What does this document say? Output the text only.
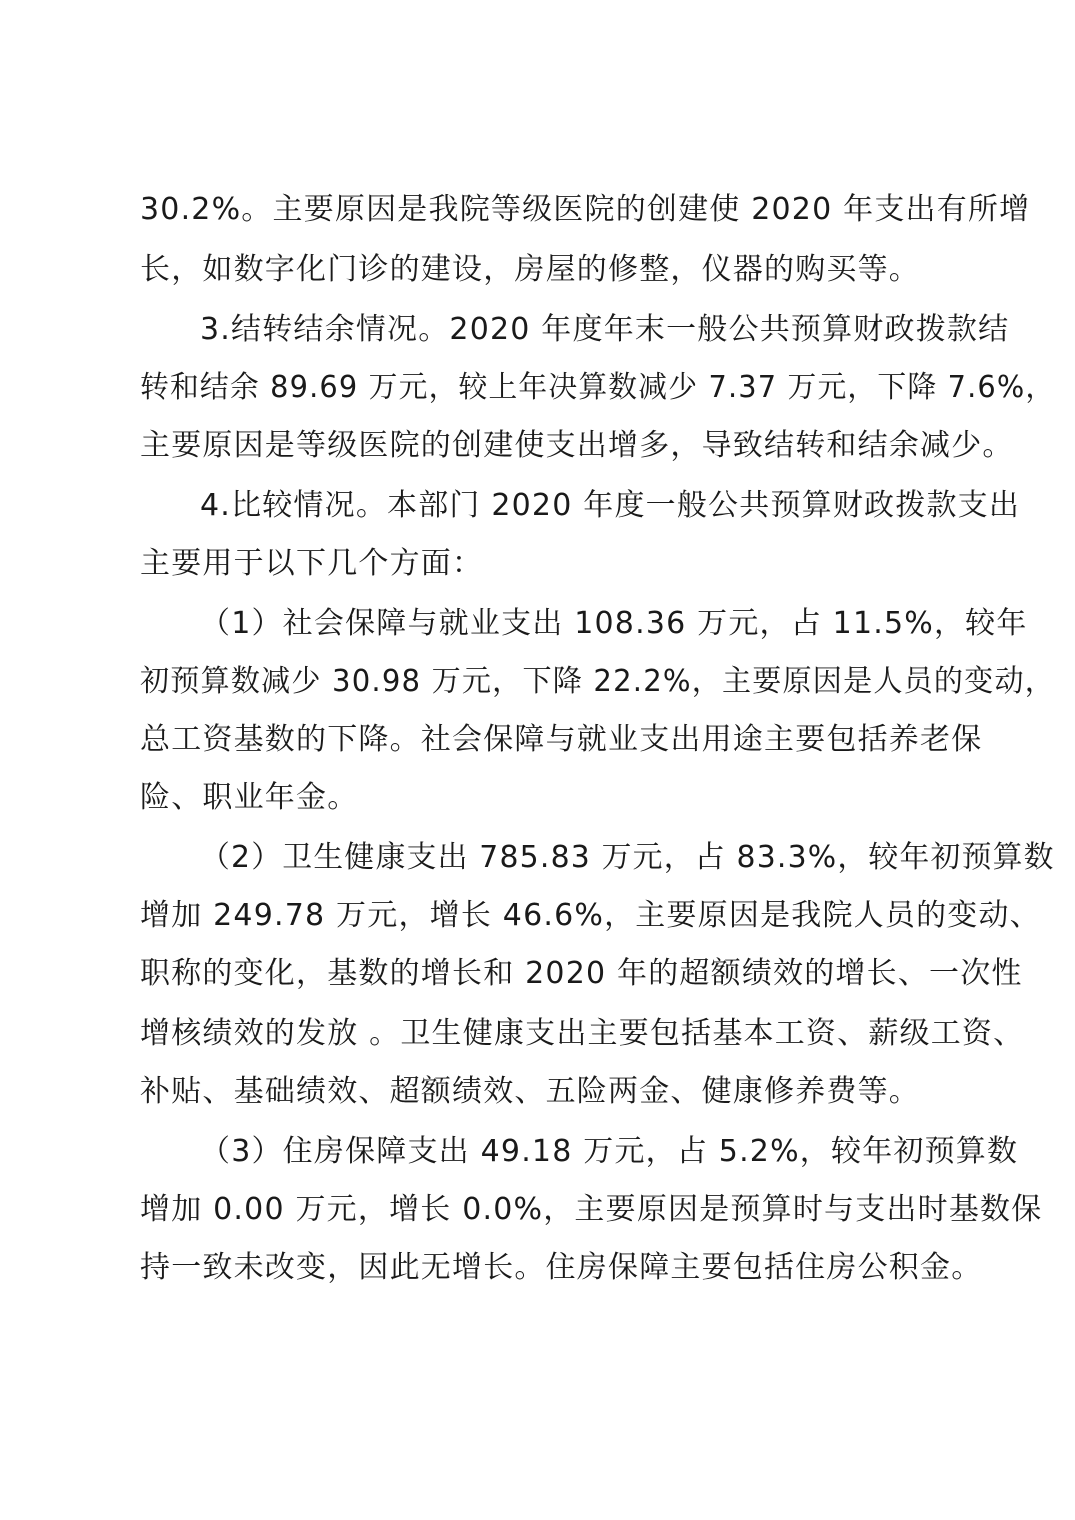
30.2%。主要原因是我院等级医院的创建使 2020 年支出有所增
长，如数字化门诊的建设，房屋的修整，仪器的购买等。
3.结转结余情况。2020 年度年末一般公共预算财政拨款结
转和结余 89.69 万元，较上年决算数减少 7.37 万元，下降 7.6%，
主要原因是等级医院的创建使支出增多，导致结转和结余减少。
4.比较情况。本部门 2020 年度一般公共预算财政拨款支出
主要用于以下几个方面：
（1）社会保障与就业支出 108.36 万元，占 11.5%，较年
初预算数减少 30.98 万元，下降 22.2%，主要原因是人员的变动，
总工资基数的下降。社会保障与就业支出用途主要包括养老保
险、职业年金。
（2）卫生健康支出 785.83 万元，占 83.3%，较年初预算数
增加 249.78 万元，增长 46.6%，主要原因是我院人员的变动、
职称的变化，基数的增长和 2020 年的超额绩效的增长、一次性
增核绩效的发放 。卫生健康支出主要包括基本工资、薪级工资、
补贴、基础绩效、超额绩效、五险两金、健康修养费等。
（3）住房保障支出 49.18 万元，占 5.2%，较年初预算数
增加 0.00 万元，增长 0.0%，主要原因是预算时与支出时基数保
持一致未改变，因此无增长。住房保障主要包括住房公积金。
